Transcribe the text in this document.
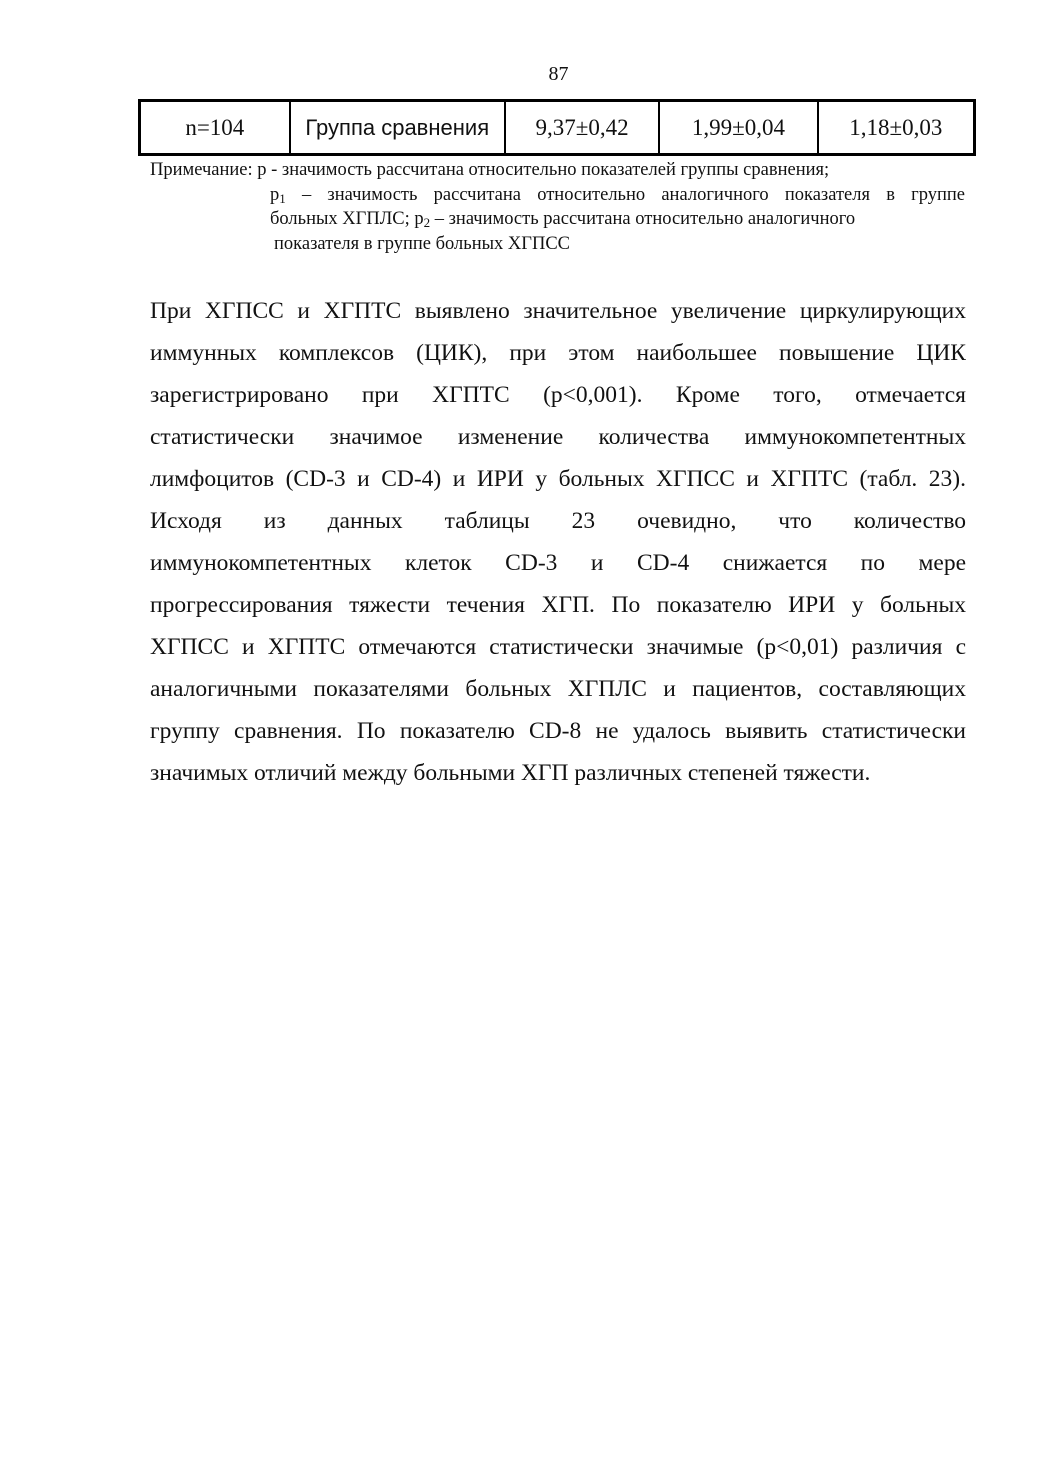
87
n=104	Группа сравнения	9,37±0,42	1,99±0,04	1,18±0,03
Примечание: р - значимость рассчитана относительно показателей группы сравнения;
$р_1$ – значимость рассчитана относительно аналогичного показателя в группе
больных ХГПЛС; $р_2$ – значимость рассчитана относительно аналогичного
показателя в группе больных ХГПСС
При ХГПСС и ХГПТС выявлено значительное увеличение циркулирующих
иммунных комплексов (ЦИК), при этом наибольшее повышение ЦИК
зарегистрировано при ХГПТС (р<0,001). Кроме того, отмечается
статистически значимое изменение количества иммунокомпетентных
лимфоцитов (CD-3 и CD-4) и ИРИ у больных ХГПСС и ХГПТС (табл. 23).
Исходя из данных таблицы 23 очевидно, что количество
иммунокомпетентных клеток CD-3 и CD-4 снижается по мере
прогрессирования тяжести течения ХГП. По показателю ИРИ у больных
ХГПСС и ХГПТС отмечаются статистически значимые (р<0,01) различия с
аналогичными показателями больных ХГПЛС и пациентов, составляющих
группу сравнения. По показателю CD-8 не удалось выявить статистически
значимых отличий между больными ХГП различных степеней тяжести.
